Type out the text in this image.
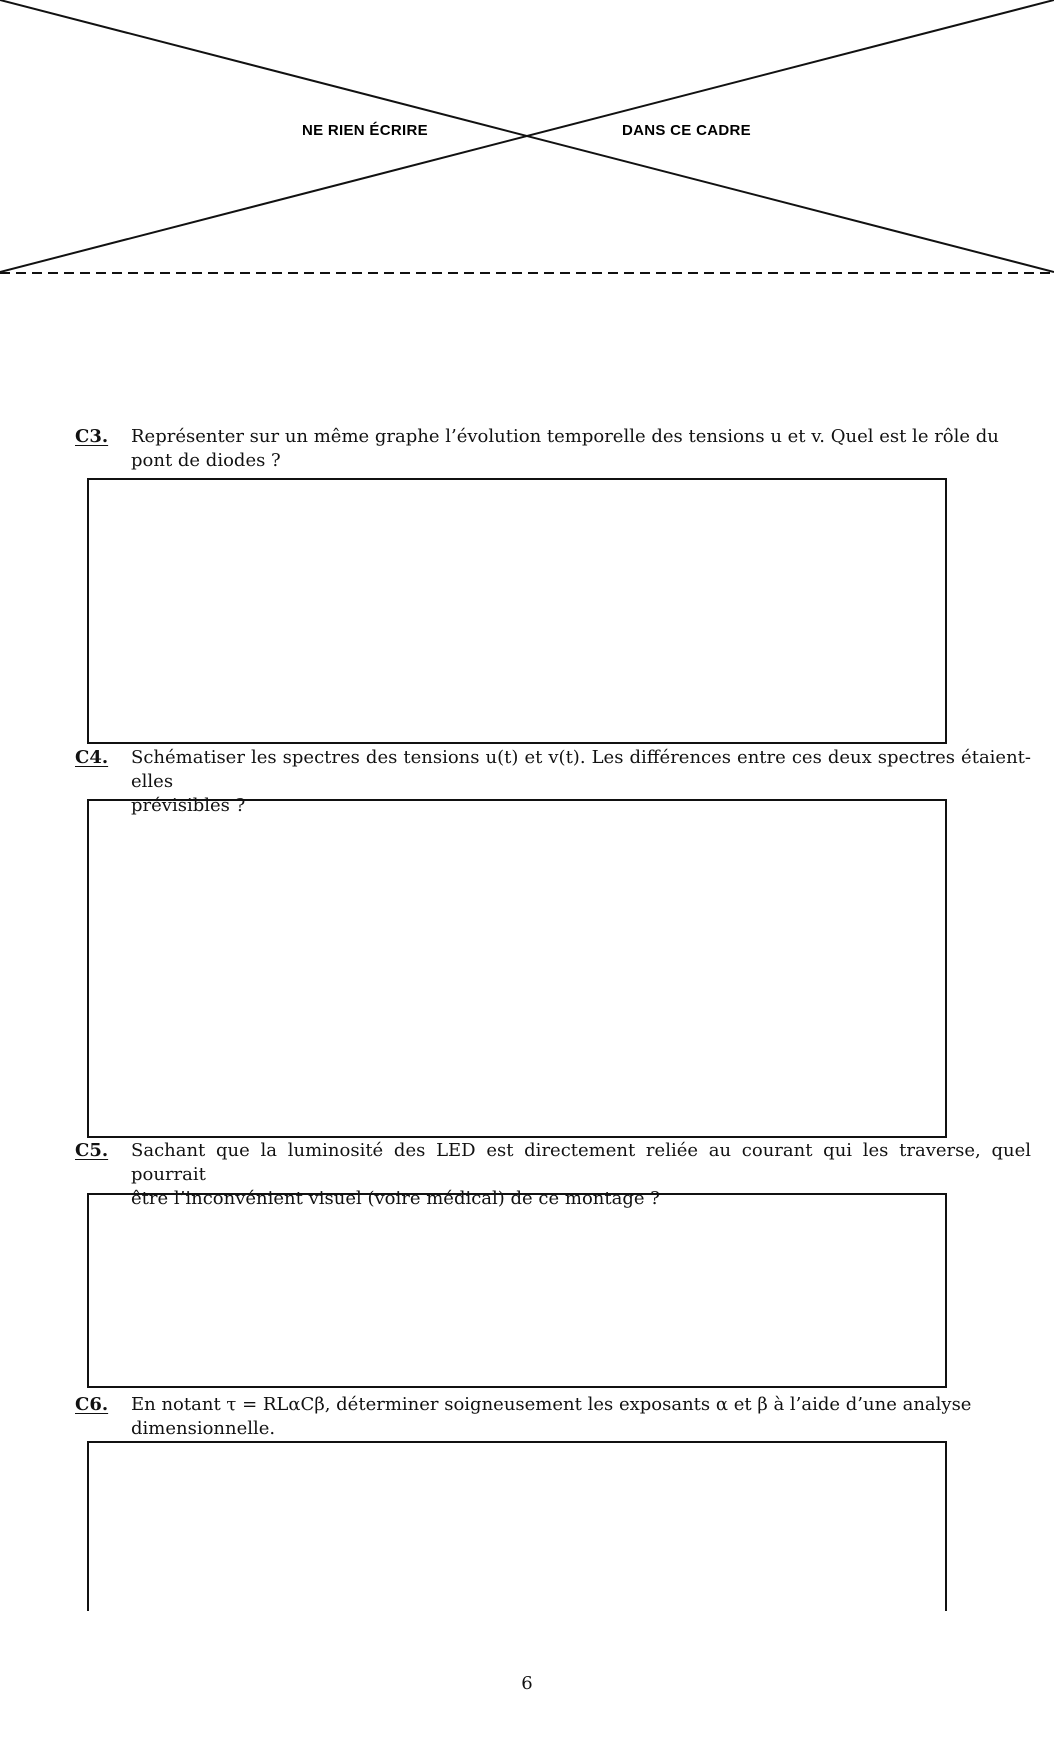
NE RIEN ÉCRIRE	DANS CE CADRE
C3. Représenter sur un même graphe l’évolution temporelle des tensions u et v. Quel est le rôle du
pont de diodes ?
C4. Schématiser les spectres des tensions u(t) et v(t). Les différences entre ces deux spectres étaient-elles
prévisibles ?
C5. Sachant que la luminosité des LED est directement reliée au courant qui les traverse, quel pourrait
être l’inconvénient visuel (voire médical) de ce montage ?
C6. En notant τ = RLαCβ, déterminer soigneusement les exposants α et β à l’aide d’une analyse
dimensionnelle.
6
